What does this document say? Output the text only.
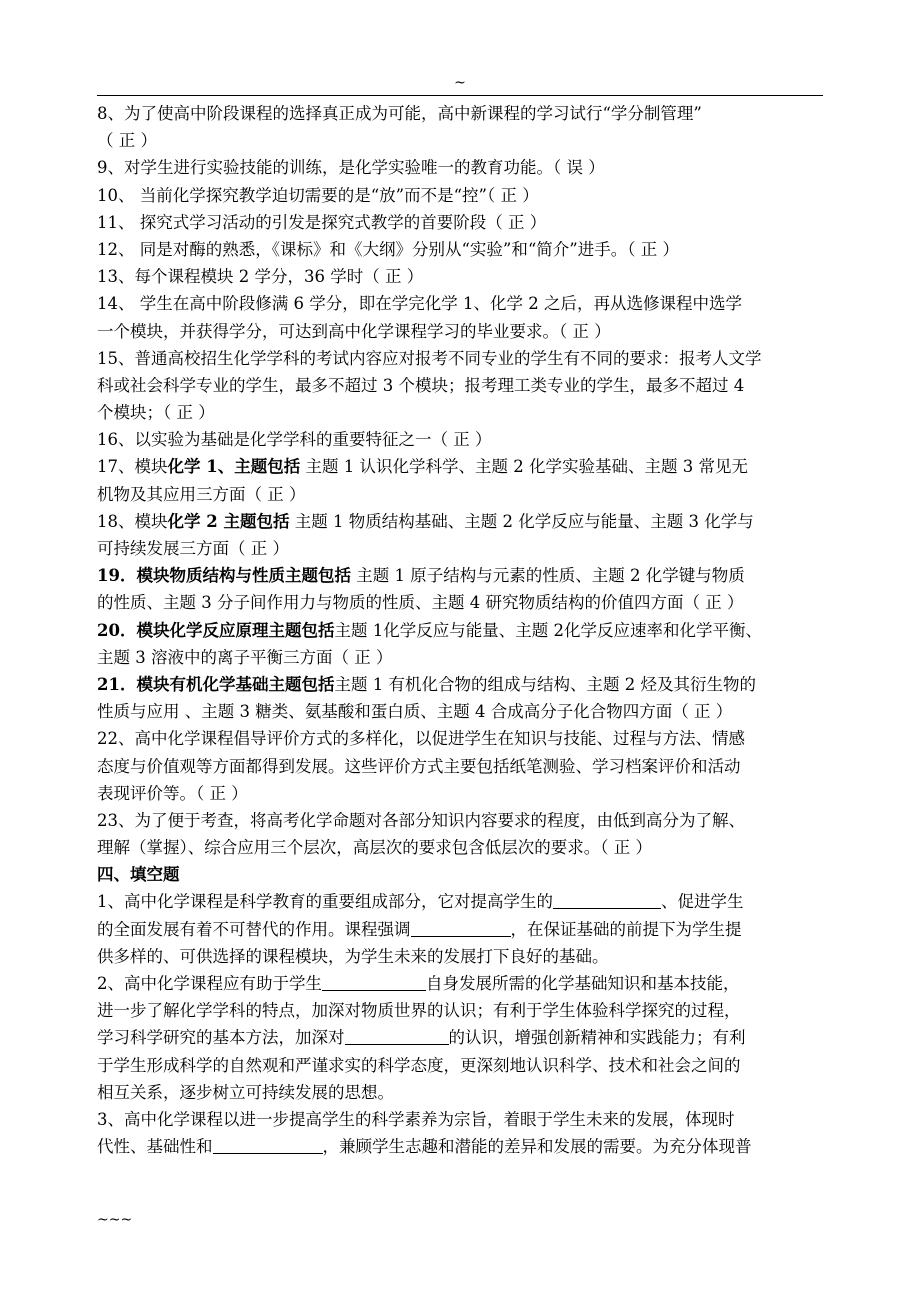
~
8、为了使高中阶段课程的选择真正成为可能，高中新课程的学习试行“学分制管理”
（ 正 ）
9、对学生进行实验技能的训练，是化学实验唯一的教育功能。（ 误 ）
10、 当前化学探究教学迫切需要的是“放”而不是“控”（ 正 ）
11、 探究式学习活动的引发是探究式教学的首要阶段（ 正 ）
12、 同是对酶的熟悉，《课标》和《大纲》分别从“实验”和“简介”进手。（ 正 ）
13、每个课程模块 2 学分，36 学时（ 正 ）
14、 学生在高中阶段修满 6 学分，即在学完化学 1、化学 2 之后，再从选修课程中选学
一个模块，并获得学分，可达到高中化学课程学习的毕业要求。（ 正 ）
15、普通高校招生化学学科的考试内容应对报考不同专业的学生有不同的要求：报考人文学
科或社会科学专业的学生，最多不超过 3 个模块；报考理工类专业的学生，最多不超过 4
个模块；（ 正 ）
16、以实验为基础是化学学科的重要特征之一（ 正 ）
17、模块化学 1、主题包括 主题 1 认识化学科学、主题 2 化学实验基础、主题 3 常见无
机物及其应用三方面（ 正 ）
18、模块化学 2 主题包括 主题 1 物质结构基础、主题 2 化学反应与能量、主题 3 化学与
可持续发展三方面（ 正 ）
19．模块物质结构与性质主题包括 主题 1 原子结构与元素的性质、主题 2 化学键与物质
的性质、主题 3 分子间作用力与物质的性质、主题 4 研究物质结构的价值四方面（ 正 ）
20．模块化学反应原理主题包括主题 1化学反应与能量、主题 2化学反应速率和化学平衡、
主题 3 溶液中的离子平衡三方面（ 正 ）
21．模块有机化学基础主题包括主题 1 有机化合物的组成与结构、主题 2 烃及其衍生物的
性质与应用 、主题 3 糖类、氨基酸和蛋白质、主题 4 合成高分子化合物四方面（ 正 ）
22、高中化学课程倡导评价方式的多样化，以促进学生在知识与技能、过程与方法、情感
态度与价值观等方面都得到发展。这些评价方式主要包括纸笔测验、学习档案评价和活动
表现评价等。（ 正 ）
23、为了便于考查，将高考化学命题对各部分知识内容要求的程度，由低到高分为了解、
理解（掌握）、综合应用三个层次，高层次的要求包含低层次的要求。（ 正 ）
四、填空题
1、高中化学课程是科学教育的重要组成部分，它对提高学生的	、促进学生
的全面发展有着不可替代的作用。课程强调	，在保证基础的前提下为学生提
供多样的、可供选择的课程模块，为学生未来的发展打下良好的基础。
2、高中化学课程应有助于学生	自身发展所需的化学基础知识和基本技能，
进一步了解化学学科的特点，加深对物质世界的认识；有利于学生体验科学探究的过程，
学习科学研究的基本方法，加深对	的认识，增强创新精神和实践能力；有利
于学生形成科学的自然观和严谨求实的科学态度，更深刻地认识科学、技术和社会之间的
相互关系，逐步树立可持续发展的思想。
3、高中化学课程以进一步提高学生的科学素养为宗旨，着眼于学生未来的发展，体现时
代性、基础性和	，兼顾学生志趣和潜能的差异和发展的需要。为充分体现普
~~~
